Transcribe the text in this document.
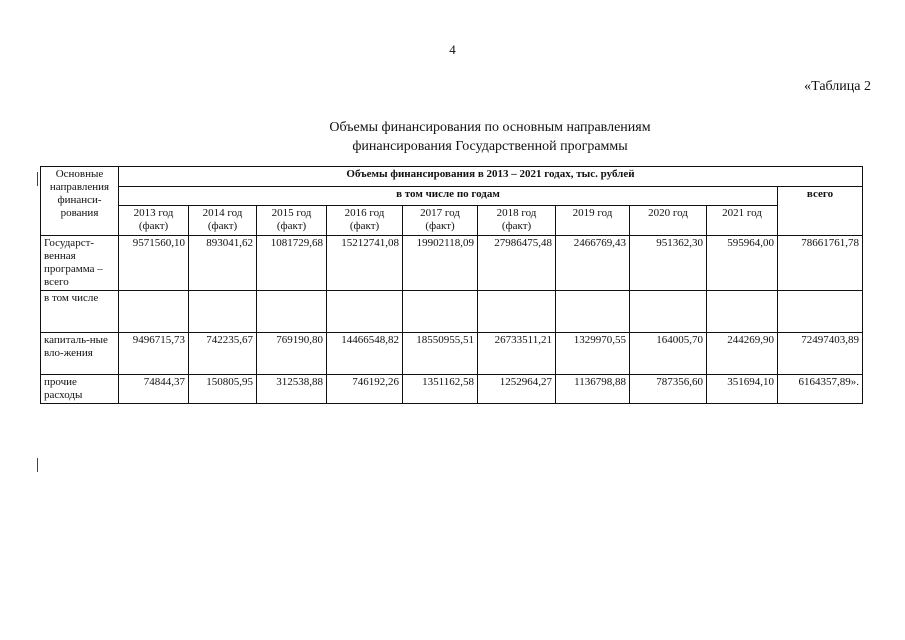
4
«Таблица 2
Объемы финансирования по основным направлениям
финансирования Государственной программы
Основные направления финанси-рования	Объемы финансирования в 2013 – 2021 годах, тыс. рублей									
	в том числе по годам									всего
	2013 год (факт)	2014 год (факт)	2015 год (факт)	2016 год (факт)	2017 год (факт)	2018 год (факт)	2019 год	2020 год	2021 год	
Государст-венная программа – всего	9571560,10	893041,62	1081729,68	15212741,08	19902118,09	27986475,48	2466769,43	951362,30	595964,00	78661761,78
в том числе										
капиталь-ные вло-жения	9496715,73	742235,67	769190,80	14466548,82	18550955,51	26733511,21	1329970,55	164005,70	244269,90	72497403,89
прочие расходы	74844,37	150805,95	312538,88	746192,26	1351162,58	1252964,27	1136798,88	787356,60	351694,10	6164357,89».
